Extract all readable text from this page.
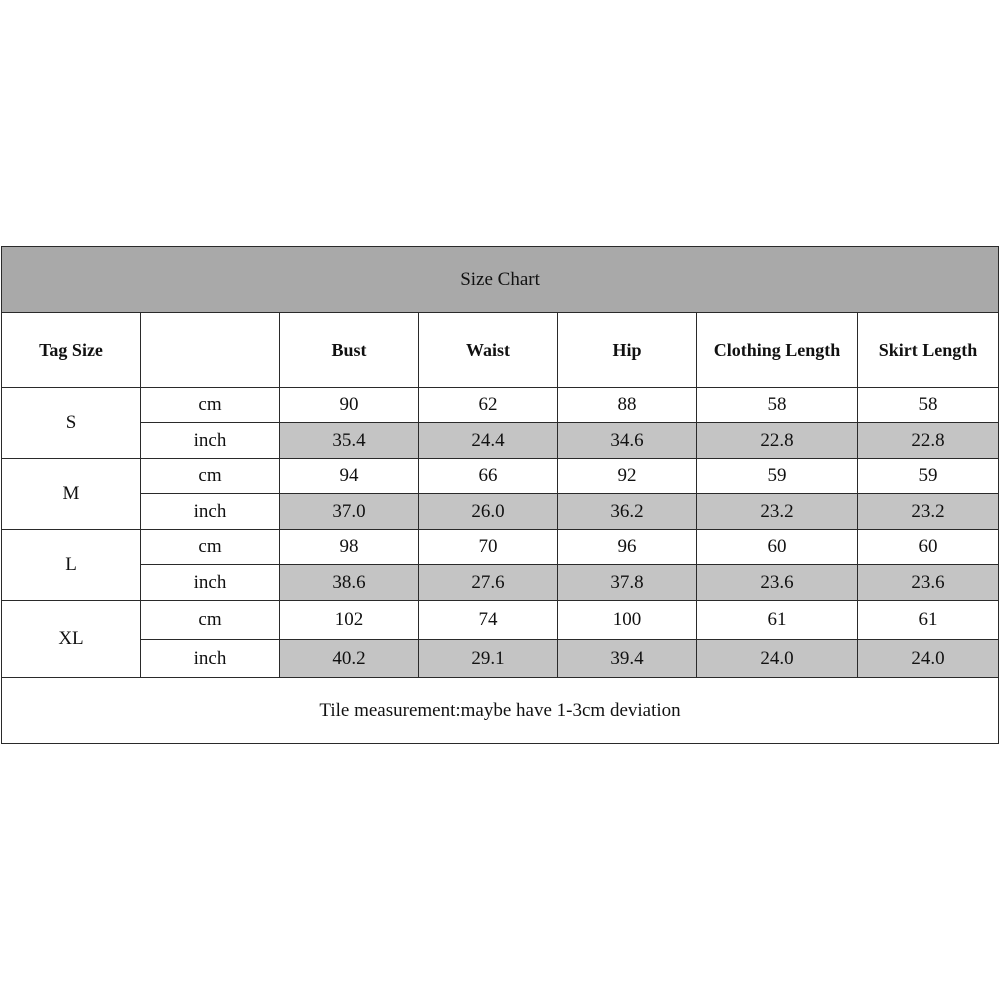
Size Chart						
Tag Size		Bust	Waist	Hip	Clothing Length	Skirt Length
S	cm	90	62	88	58	58
	inch	35.4	24.4	34.6	22.8	22.8
M	cm	94	66	92	59	59
	inch	37.0	26.0	36.2	23.2	23.2
L	cm	98	70	96	60	60
	inch	38.6	27.6	37.8	23.6	23.6
XL	cm	102	74	100	61	61
	inch	40.2	29.1	39.4	24.0	24.0
Tile measurement:maybe have 1-3cm deviation						
